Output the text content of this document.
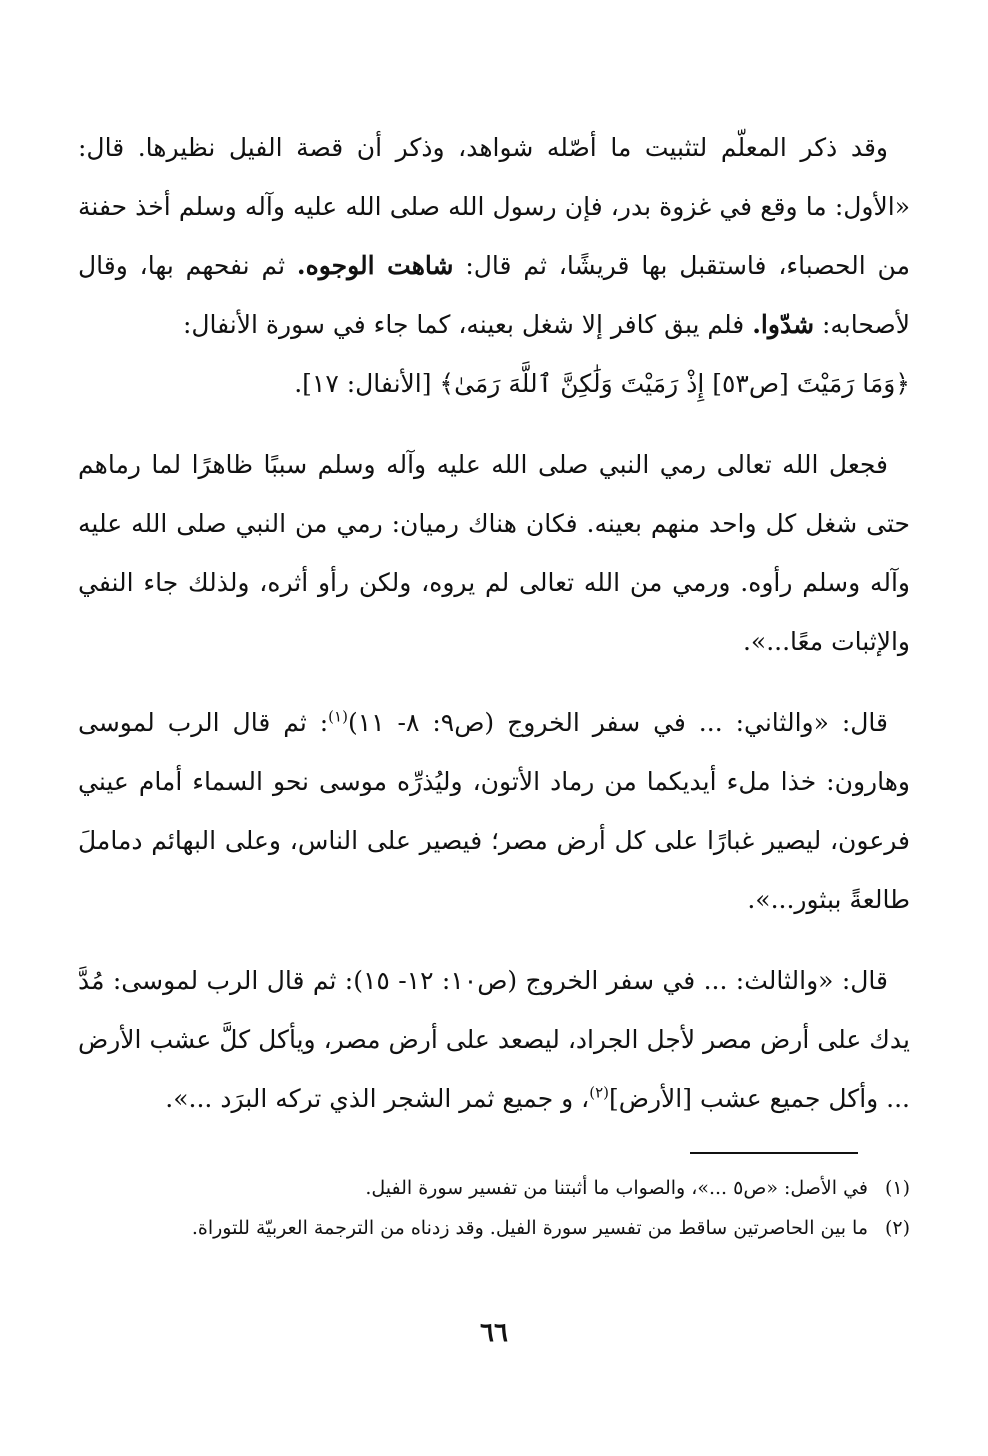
وقد ذكر المعلّم لتثبيت ما أصّله شواهد، وذكر أن قصة الفيل نظيرها. قال: «الأول: ما وقع في غزوة بدر، فإن رسول الله صلى الله عليه وآله وسلم أخذ حفنة من الحصباء، فاستقبل بها قريشًا، ثم قال: شاهت الوجوه. ثم نفحهم بها، وقال لأصحابه: شدّوا. فلم يبق كافر إلا شغل بعينه، كما جاء في سورة الأنفال:
﴿وَمَا رَمَيْتَ [ص٥٣] إِذْ رَمَيْتَ وَلَٰكِنَّ ٱللَّهَ رَمَىٰ﴾ [الأنفال: ١٧].

فجعل الله تعالى رمي النبي صلى الله عليه وآله وسلم سببًا ظاهرًا لما رماهم حتى شغل كل واحد منهم بعينه. فكان هناك رميان: رمي من النبي صلى الله عليه وآله وسلم رأوه. ورمي من الله تعالى لم يروه، ولكن رأو أثره، ولذلك جاء النفي والإثبات معًا...».

قال: «والثاني: ... في سفر الخروج (ص٩: ٨- ١١)$^{(١)}$: ثم قال الرب لموسى وهارون: خذا ملء أيديكما من رماد الأتون، وليُذرِّه موسى نحو السماء أمام عيني فرعون، ليصير غبارًا على كل أرض مصر؛ فيصير على الناس، وعلى البهائم دماملَ طالعةً ببثور...».

قال: «والثالث: ... في سفر الخروج (ص١٠: ١٢- ١٥): ثم قال الرب لموسى: مُدَّ يدك على أرض مصر لأجل الجراد، ليصعد على أرض مصر، ويأكل كلَّ عشب الأرض ... وأكل جميع عشب [الأرض]$^{(٢)}$، و جميع ثمر الشجر الذي تركه البرَد ...».

(١)
في الأصل: «ص٥ ...»، والصواب ما أثبتنا من تفسير سورة الفيل.

(٢)
ما بين الحاصرتين ساقط من تفسير سورة الفيل. وقد زدناه من الترجمة العربيّة للتوراة.

٦٦
